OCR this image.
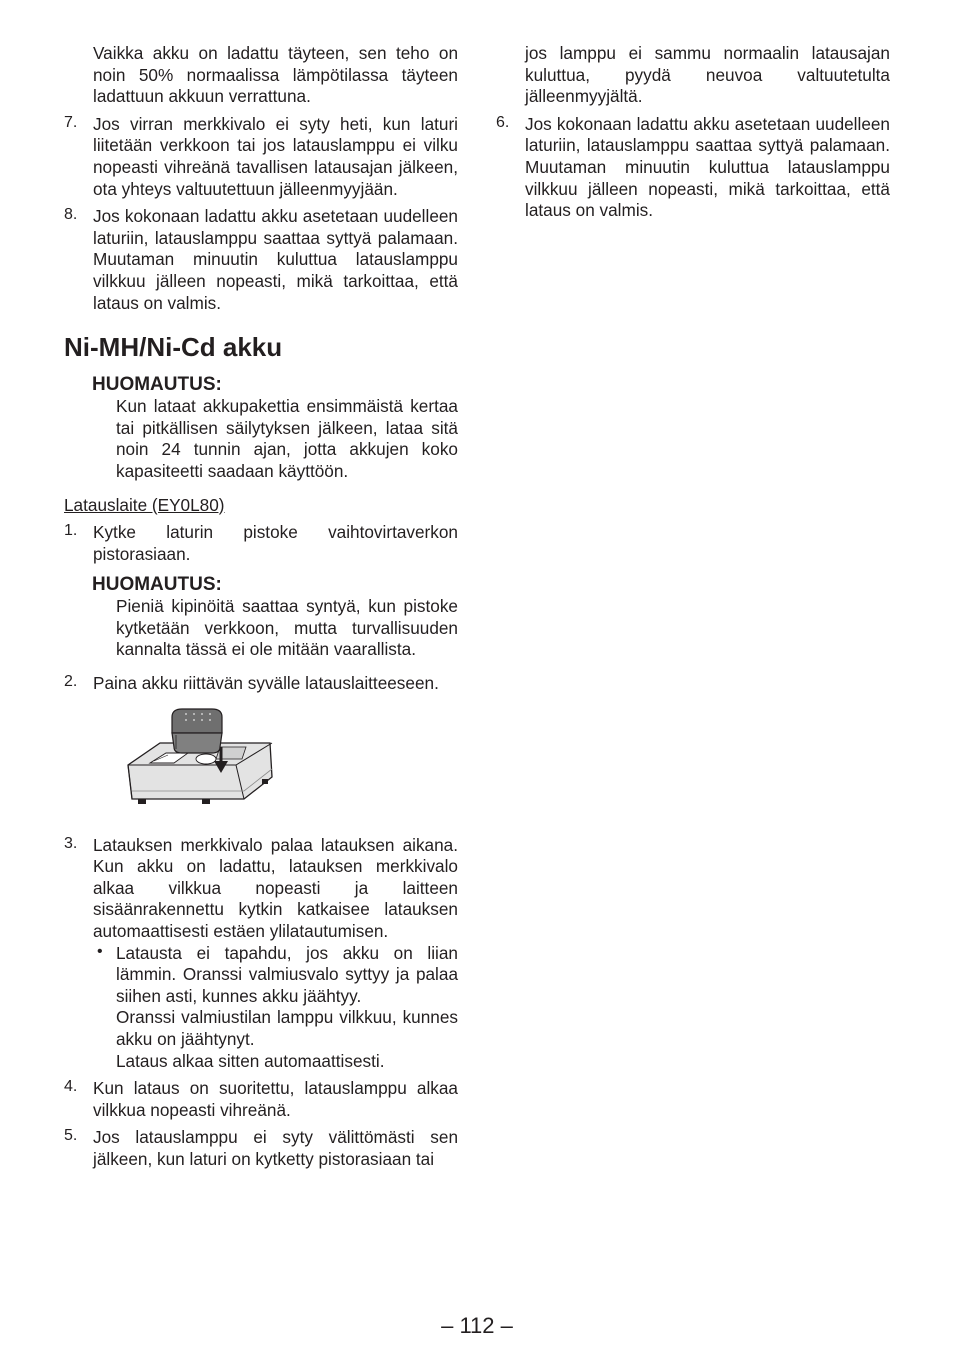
Vaikka akku on ladattu täyteen, sen teho on noin 50% normaalissa lämpötilassa täyteen ladattuun akkuun verrattuna.

7. Jos virran merkkivalo ei syty heti, kun laturi liitetään verkkoon tai jos latauslamppu ei vilku nopeasti vihreänä tavallisen latausajan jälkeen, ota yhteys valtuutettuun jälleenmyyjään.

8. Jos kokonaan ladattu akku asetetaan uudelleen laturiin, latauslamppu saattaa syttyä palamaan. Muutaman minuutin kuluttua latauslamppu vilkkuu jälleen nopeasti, mikä tarkoittaa, että lataus on valmis.

Ni-MH/Ni-Cd akku

HUOMAUTUS:

Kun lataat akkupakettia ensimmäistä kertaa tai pitkällisen säilytyksen jälkeen, lataa sitä noin 24 tunnin ajan, jotta akkujen koko kapasiteetti saadaan käyttöön.

Latauslaite (EY0L80)

1. Kytke laturin pistoke vaihtovirtaverkon pistorasiaan.

HUOMAUTUS:

Pieniä kipinöitä saattaa syntyä, kun pistoke kytketään verkkoon, mutta turvallisuuden kannalta tässä ei ole mitään vaarallista.

2. Paina akku riittävän syvälle latauslaitteeseen.

3. Latauksen merkkivalo palaa latauksen aikana. Kun akku on ladattu, latauksen merkkivalo alkaa vilkkua nopeasti ja laitteen sisäänrakennettu kytkin katkaisee latauksen automaattisesti estäen ylilatautumisen.

• Latausta ei tapahdu, jos akku on liian lämmin. Oranssi valmiusvalo syttyy ja palaa siihen asti, kunnes akku jäähtyy.

Oranssi valmiustilan lamppu vilkkuu, kunnes akku on jäähtynyt.

Lataus alkaa sitten automaattisesti.

4. Kun lataus on suoritettu, latauslamppu alkaa vilkkua nopeasti vihreänä.

5. Jos latauslamppu ei syty välittömästi sen jälkeen, kun laturi on kytketty pistorasiaan tai

jos lamppu ei sammu normaalin latausajan kuluttua, pyydä neuvoa valtuutetulta jälleenmyyjältä.

6. Jos kokonaan ladattu akku asetetaan uudelleen laturiin, latauslamppu saattaa syttyä palamaan. Muutaman minuutin kuluttua latauslamppu vilkkuu jälleen nopeasti, mikä tarkoittaa, että lataus on valmis.

– 112 –
